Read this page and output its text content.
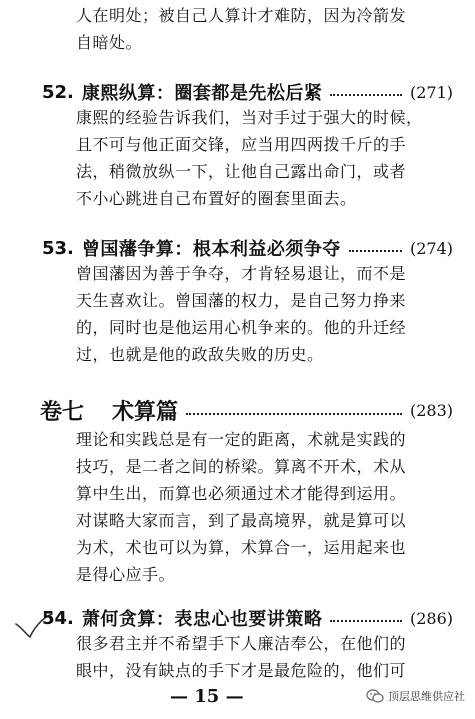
人在明处；被自己人算计才难防，因为冷箭发
自暗处。
52. 康熙纵算：圈套都是先松后紧	(271)
康熙的经验告诉我们，当对手过于强大的时候，
且不可与他正面交锋，应当用四两拨千斤的手
法，稍微放纵一下，让他自己露出命门，或者
不小心跳进自己布置好的圈套里面去。
53. 曾国藩争算：根本利益必须争夺	(274)
曾国藩因为善于争夺，才肯轻易退让，而不是
天生喜欢让。曾国藩的权力，是自己努力挣来
的，同时也是他运用心机争来的。他的升迁经
过，也就是他的政敌失败的历史。
卷七 术算篇	(283)
理论和实践总是有一定的距离，术就是实践的
技巧，是二者之间的桥梁。算离不开术，术从
算中生出，而算也必须通过术才能得到运用。
对谋略大家而言，到了最高境界，就是算可以
为术，术也可以为算，术算合一，运用起来也
是得心应手。
54. 萧何贪算：表忠心也要讲策略	(286)
很多君主并不希望手下人廉洁奉公，在他们的
眼中，没有缺点的手下才是最危险的，他们可
— 15 —	顶层思维供应社
